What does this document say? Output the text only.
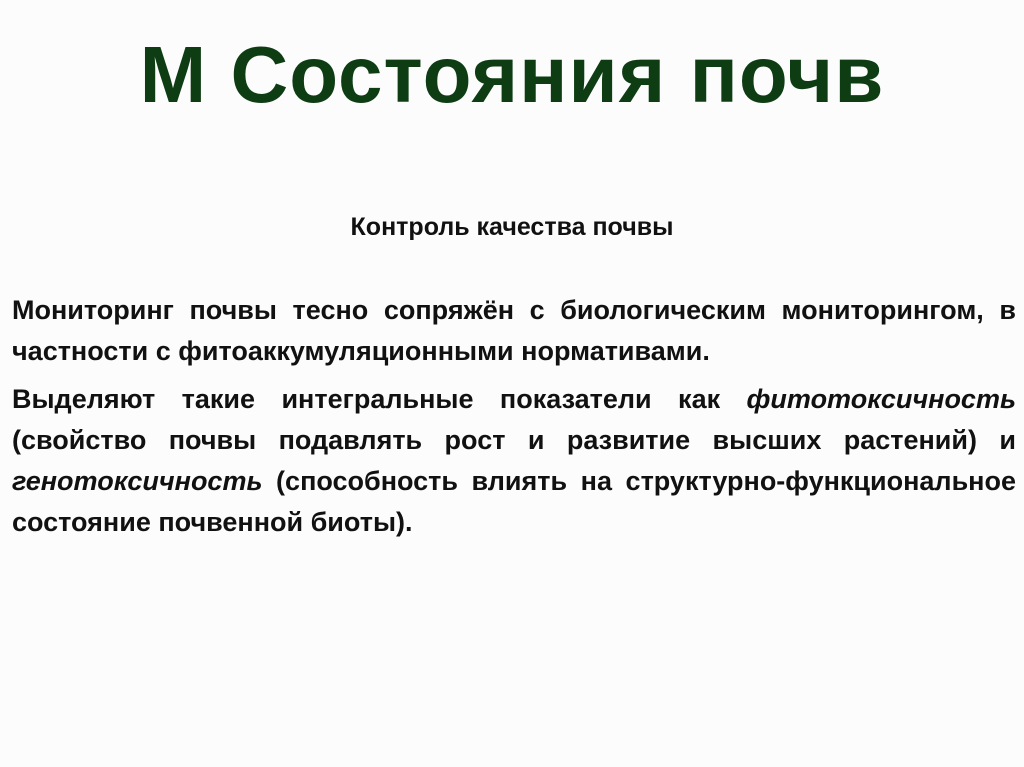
М Состояния почв
Контроль качества почвы

Мониторинг почвы тесно сопряжён с биологическим мониторингом, в частности с фитоаккумуляционными нормативами.

Выделяют такие интегральные показатели как фитотоксичность (свойство почвы подавлять рост и развитие высших растений) и генотоксичность (способность влиять на структурно-функциональное состояние почвенной биоты).
